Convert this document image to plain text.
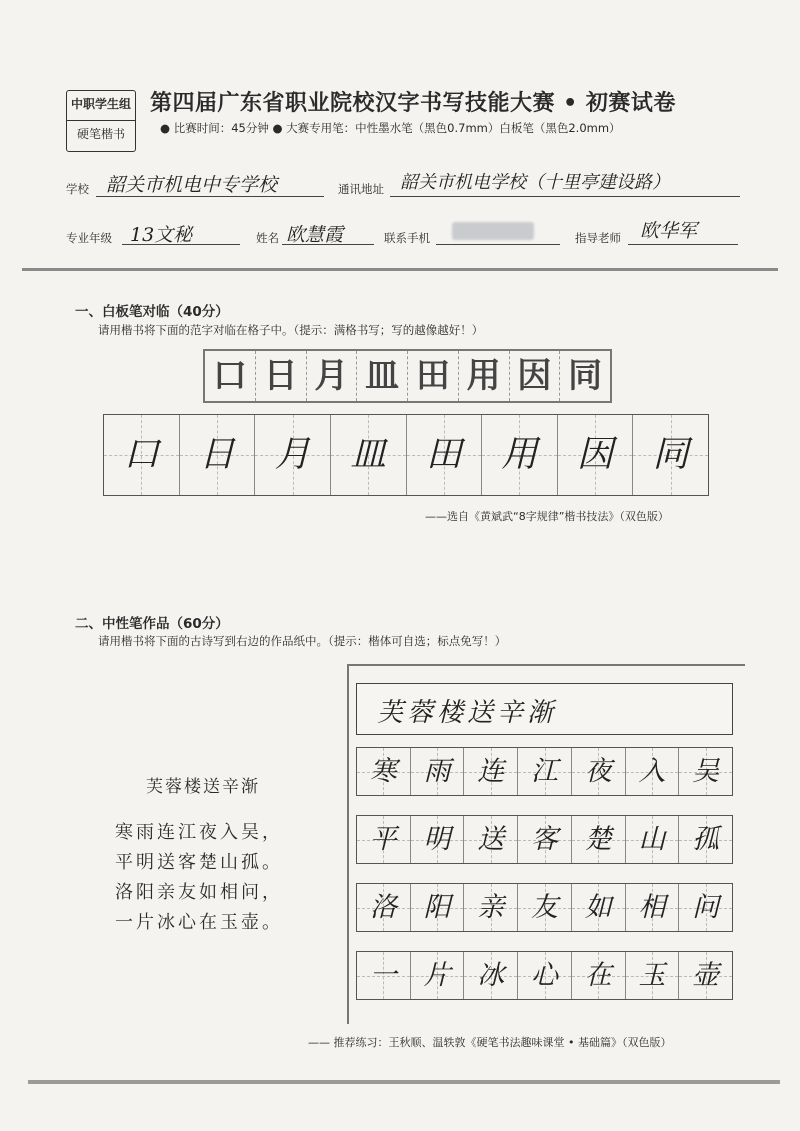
中职学生组
硬笔楷书
第四届广东省职业院校汉字书写技能大赛 • 初赛试卷
● 比赛时间：45分钟 ● 大赛专用笔：中性墨水笔（黑色0.7mm）白板笔（黑色2.0mm）
学校 韶关市机电中专学校	通讯地址 韶关市机电学校（十里亭建设路）
专业年级 13文秘	姓名 欧慧霞	联系手机	指导老师 欧华军
一、白板笔对临（40分）
请用楷书将下面的范字对临在格子中。（提示：满格书写；写的越像越好！）
口 日 月 皿 田 用 因 同
口	日	月	皿	田	用	因	同
——选自《黄斌武“8字规律”楷书技法》（双色版）
二、中性笔作品（60分）
请用楷书将下面的古诗写到右边的作品纸中。（提示：楷体可自选；标点免写！）
芙蓉楼送辛渐
寒雨连江夜入吴，
平明送客楚山孤。
洛阳亲友如相问，
一片冰心在玉壶。
芙蓉楼送辛渐
寒 雨 连 江 夜 入 吴
平 明 送 客 楚 山 孤
洛 阳 亲 友 如 相 问
一 片 冰 心 在 玉 壶
—— 推荐练习：王秋顺、温轶敦《硬笔书法趣味课堂 • 基础篇》（双色版）
